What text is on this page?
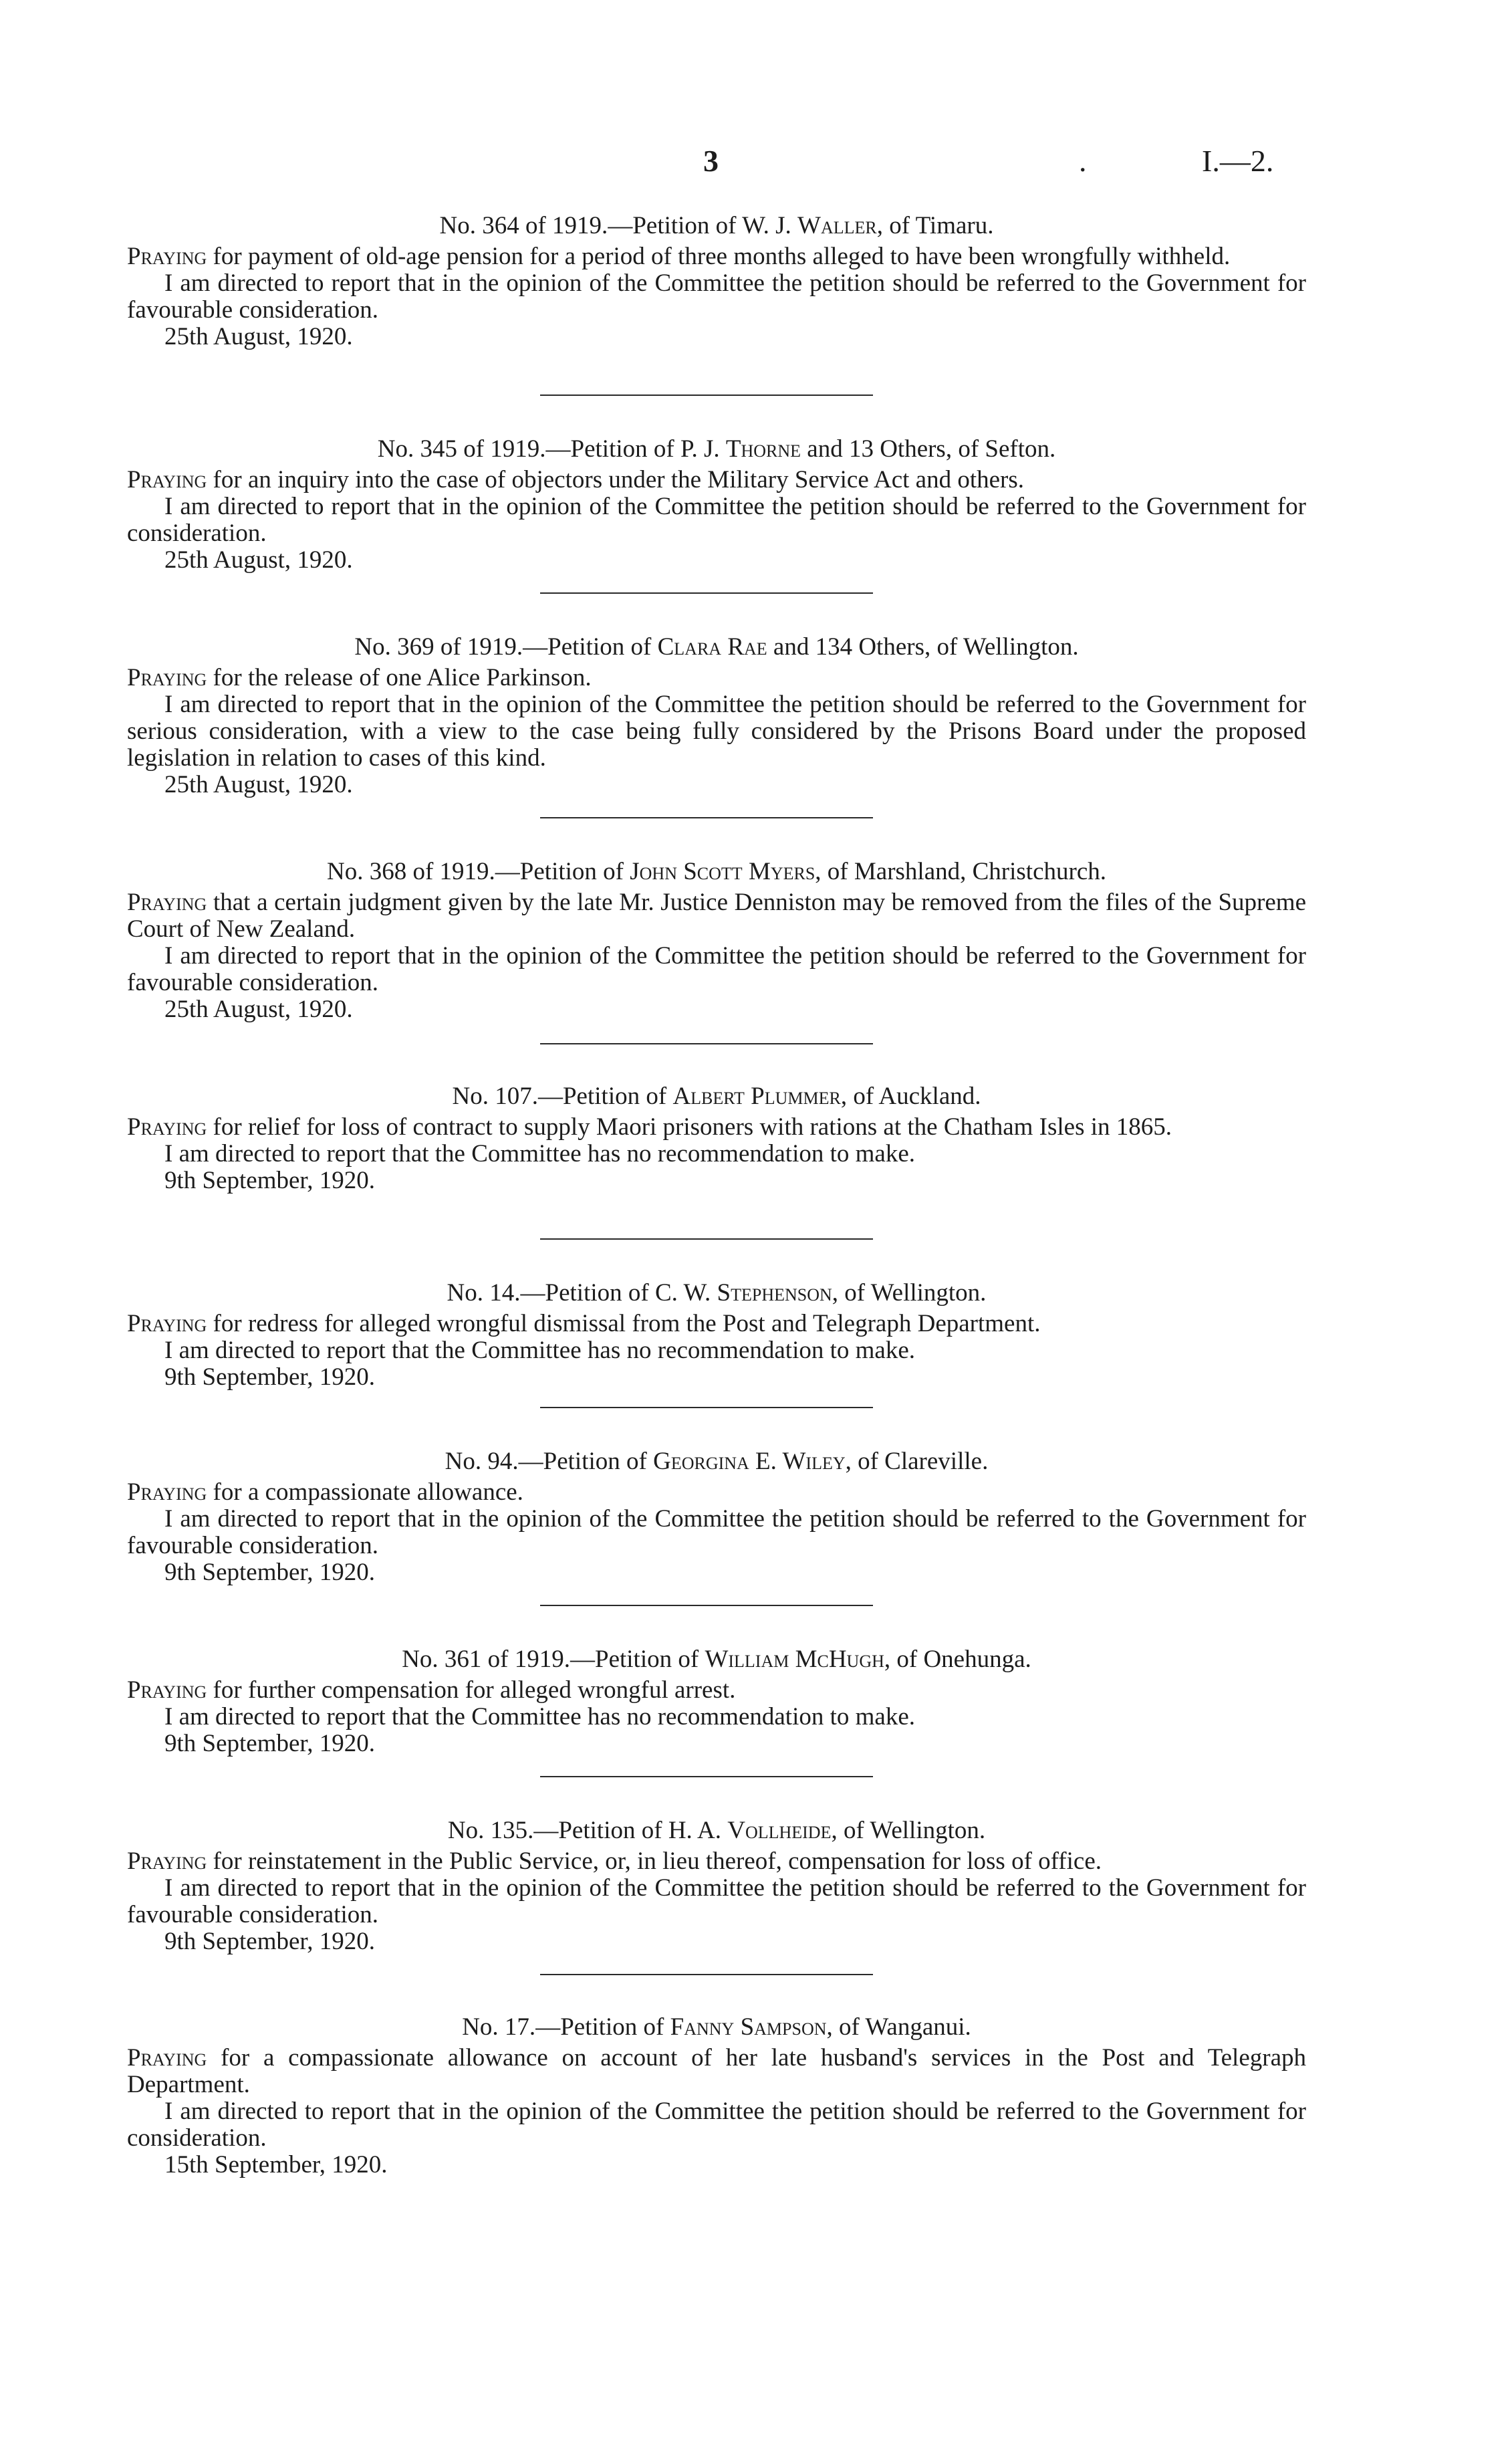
3	.	I.—2.
No. 364 of 1919.—Petition of W. J. Waller, of Timaru.

Praying for payment of old-age pension for a period of three months alleged to have been wrongfully withheld.

I am directed to report that in the opinion of the Committee the petition should be referred to the Government for favourable consideration.

25th August, 1920.

No. 345 of 1919.—Petition of P. J. Thorne and 13 Others, of Sefton.

Praying for an inquiry into the case of objectors under the Military Service Act and others.

I am directed to report that in the opinion of the Committee the petition should be referred to the Government for consideration.

25th August, 1920.

No. 369 of 1919.—Petition of Clara Rae and 134 Others, of Wellington.

Praying for the release of one Alice Parkinson.

I am directed to report that in the opinion of the Committee the petition should be referred to the Government for serious consideration, with a view to the case being fully considered by the Prisons Board under the proposed legislation in relation to cases of this kind.

25th August, 1920.

No. 368 of 1919.—Petition of John Scott Myers, of Marshland, Christchurch.

Praying that a certain judgment given by the late Mr. Justice Denniston may be removed from the files of the Supreme Court of New Zealand.

I am directed to report that in the opinion of the Committee the petition should be referred to the Government for favourable consideration.

25th August, 1920.

No. 107.—Petition of Albert Plummer, of Auckland.

Praying for relief for loss of contract to supply Maori prisoners with rations at the Chatham Isles in 1865.

I am directed to report that the Committee has no recommendation to make.

9th September, 1920.

No. 14.—Petition of C. W. Stephenson, of Wellington.

Praying for redress for alleged wrongful dismissal from the Post and Telegraph Department.

I am directed to report that the Committee has no recommendation to make.

9th September, 1920.

No. 94.—Petition of Georgina E. Wiley, of Clareville.

Praying for a compassionate allowance.

I am directed to report that in the opinion of the Committee the petition should be referred to the Government for favourable consideration.

9th September, 1920.

No. 361 of 1919.—Petition of William McHugh, of Onehunga.

Praying for further compensation for alleged wrongful arrest.

I am directed to report that the Committee has no recommendation to make.

9th September, 1920.

No. 135.—Petition of H. A. Vollheide, of Wellington.

Praying for reinstatement in the Public Service, or, in lieu thereof, compensation for loss of office.

I am directed to report that in the opinion of the Committee the petition should be referred to the Government for favourable consideration.

9th September, 1920.

No. 17.—Petition of Fanny Sampson, of Wanganui.

Praying for a compassionate allowance on account of her late husband's services in the Post and Telegraph Department.

I am directed to report that in the opinion of the Committee the petition should be referred to the Government for consideration.

15th September, 1920.
